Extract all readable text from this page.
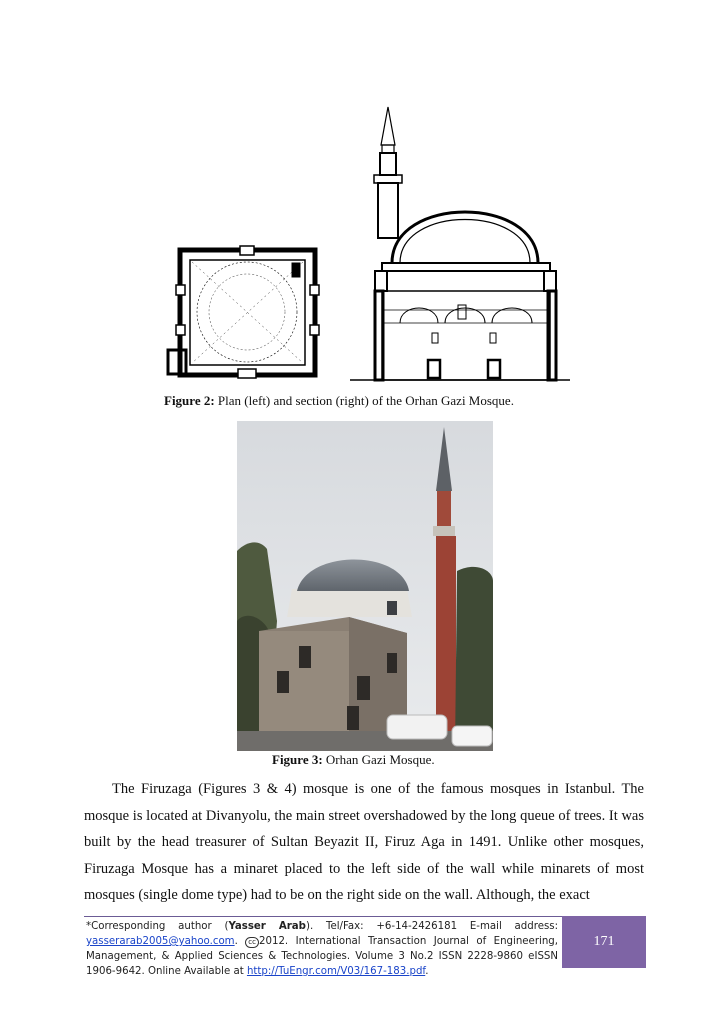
Figure 2: Plan (left) and section (right) of the Orhan Gazi Mosque.
Figure 3: Orhan Gazi Mosque.

The Firuzaga (Figures 3 & 4) mosque is one of the famous mosques in Istanbul. The mosque is located at Divanyolu, the main street overshadowed by the long queue of trees. It was built by the head treasurer of Sultan Beyazit II, Firuz Aga in 1491. Unlike other mosques, Firuzaga Mosque has a minaret placed to the left side of the wall while minarets of most mosques (single dome type) had to be on the right side on the wall. Although, the exact

*Corresponding author (Yasser Arab). Tel/Fax: +6-14-2426181 E-mail address: yasserarab2005@yahoo.com. cc 2012. International Transaction Journal of Engineering, Management, & Applied Sciences & Technologies. Volume 3 No.2 ISSN 2228-9860 eISSN 1906-9642. Online Available at http://TuEngr.com/V03/167-183.pdf.
171
